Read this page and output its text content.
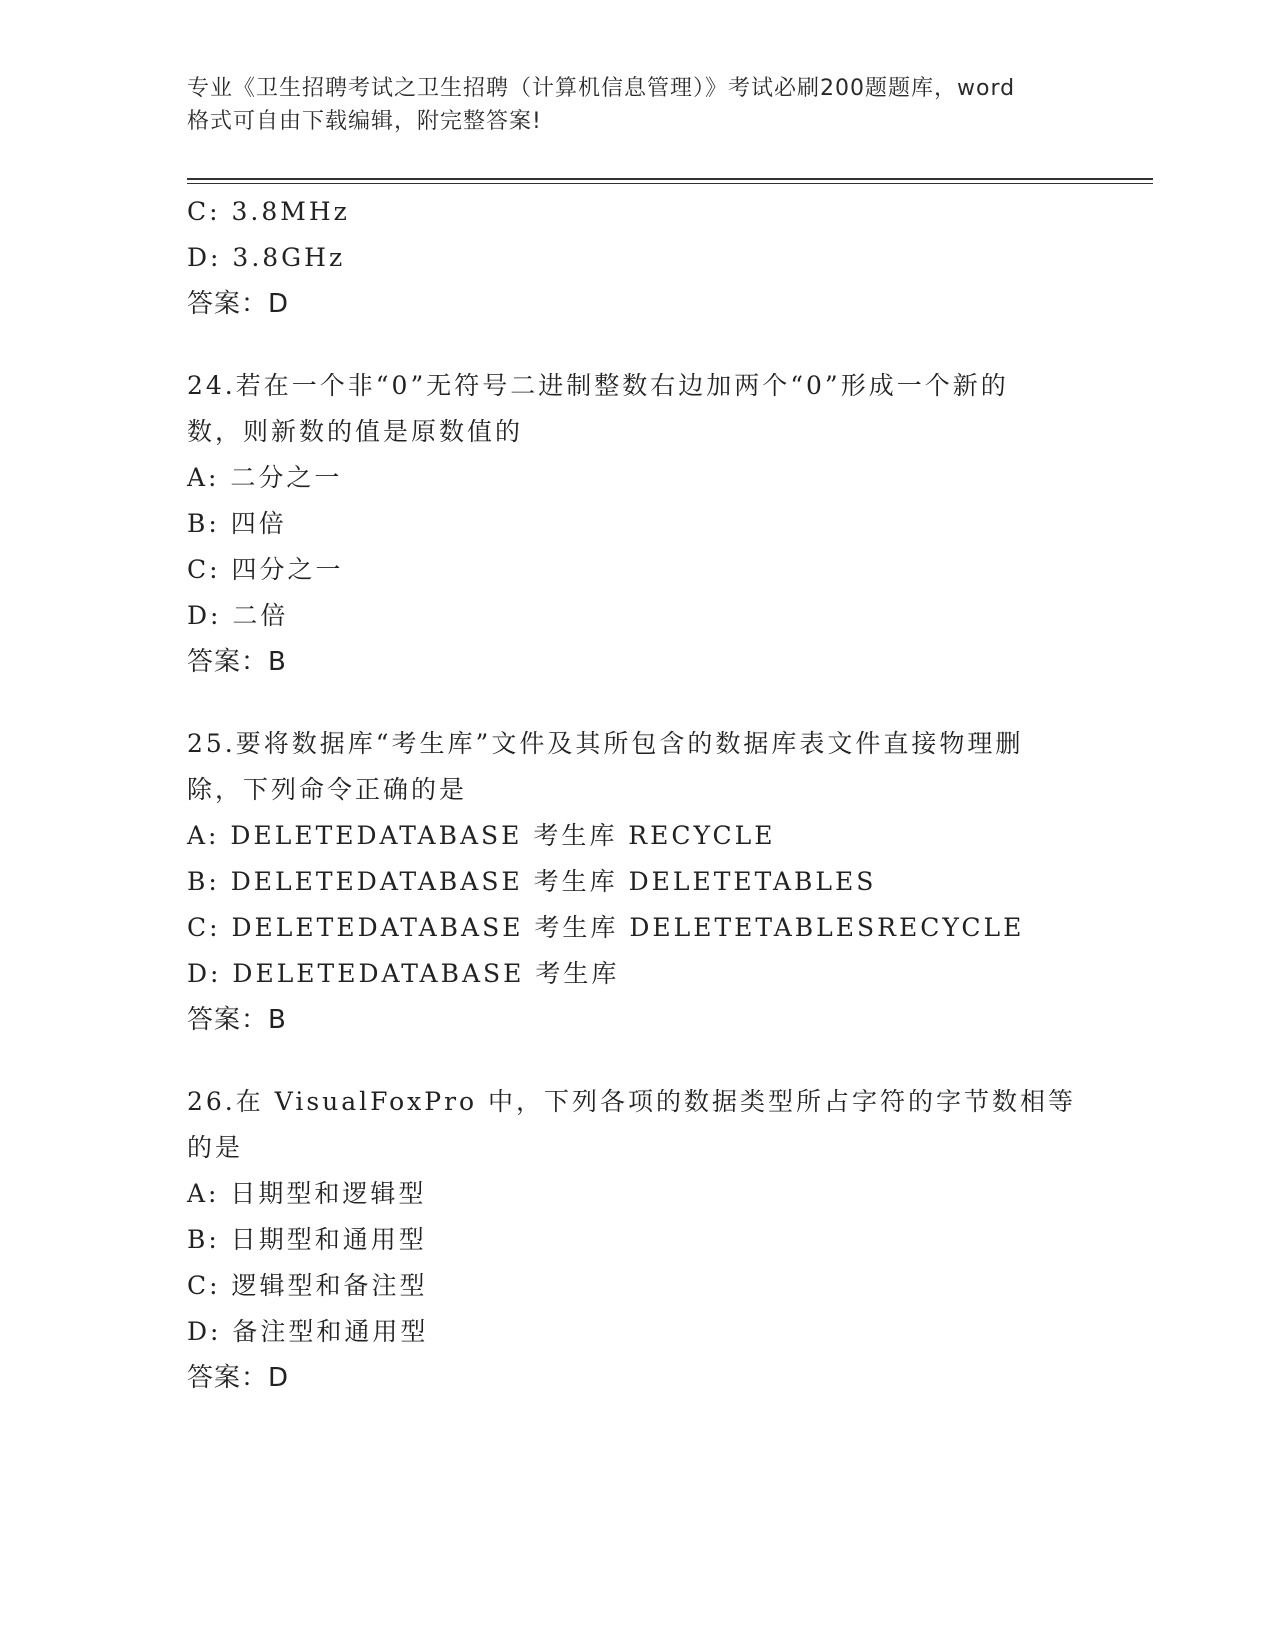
专业《卫生招聘考试之卫生招聘（计算机信息管理）》考试必刷200题题库，word
格式可自由下载编辑，附完整答案!
C: 3.8MHz
D: 3.8GHz
答案：D
24.若在一个非“0”无符号二进制整数右边加两个“0”形成一个新的
数，则新数的值是原数值的
A: 二分之一
B: 四倍
C: 四分之一
D: 二倍
答案：B
25.要将数据库“考生库”文件及其所包含的数据库表文件直接物理删
除，下列命令正确的是
A: DELETEDATABASE 考生库 RECYCLE
B: DELETEDATABASE 考生库 DELETETABLES
C: DELETEDATABASE 考生库 DELETETABLESRECYCLE
D: DELETEDATABASE 考生库
答案：B
26.在 VisualFoxPro 中，下列各项的数据类型所占字符的字节数相等
的是
A: 日期型和逻辑型
B: 日期型和通用型
C: 逻辑型和备注型
D: 备注型和通用型
答案：D
